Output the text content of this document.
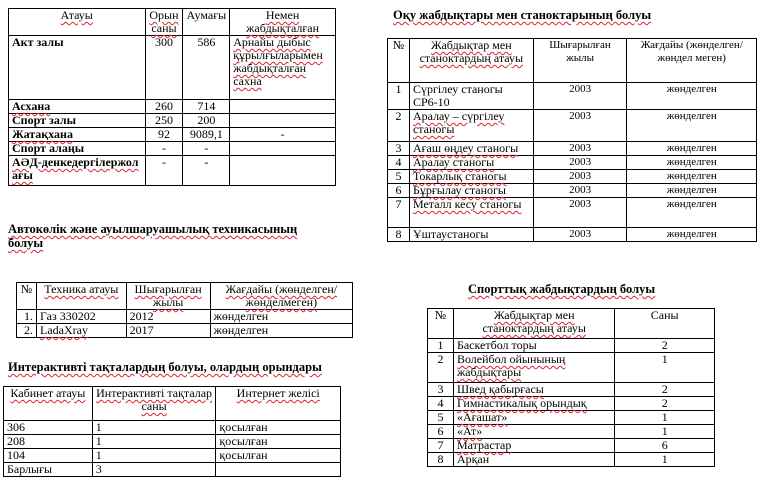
Атауы	Орын саны	Аумағы	Немен жабдықталған
Акт залы	300	586	Арнайы дыбыс құрылғыларымен жабдықталған сахна
Асхана	260	714	
Спорт залы	250	200	
Жатақхана	92	9089,1	-
Спорт алаңы	-	-	
АӘД-денкедергілержолағы	-	-	
Автокөлік және ауылшаруашылық техникасының болуы
№	Техника атауы	Шығарылған жылы	Жағдайы (жөнделген/ жөнделмеген)
1.	Газ 330202	2012	жөнделген
2.	LadaXray	2017	жөнделген
Интерактивті тақталардың болуы, олардың орындары
Кабинет атауы	Интерактивті тақталар саны	Интернет желісі
306	1	қосылған
208	1	қосылған
104	1	қосылған
Барлығы	3	
Оқу жабдықтары мен станоктарының болуы
№	Жабдықтар мен станоктардың атауы	Шығарылған жылы	Жағдайы (жөнделген/жөндел меген)
1	Сүргілеу станогы СР6-10	2003	жөнделген
2	Аралау – сүргілеу станогы	2003	жөнделген
3	Ағаш өңдеу станогы	2003	жөнделген
4	Аралау станогы	2003	жөнделген
5	Токарлық станогы	2003	жөнделген
6	Бұрғылау станогы	2003	жөнделген
7	Металл кесу станогы	2003	жөнделген
8	Ұштаустаногы	2003	жөнделген
Спорттық жабдықтардың болуы
№	Жабдықтар мен станоктардың атауы	Саны
1	Баскетбол торы	2
2	Волейбол ойынының жабдықтары	1
3	Швед қабырғасы	2
4	Гимнастикалық орындық	2
5	«Ағашат»	1
6	«Ат»	1
7	Матрастар	6
8	Арқан	1
